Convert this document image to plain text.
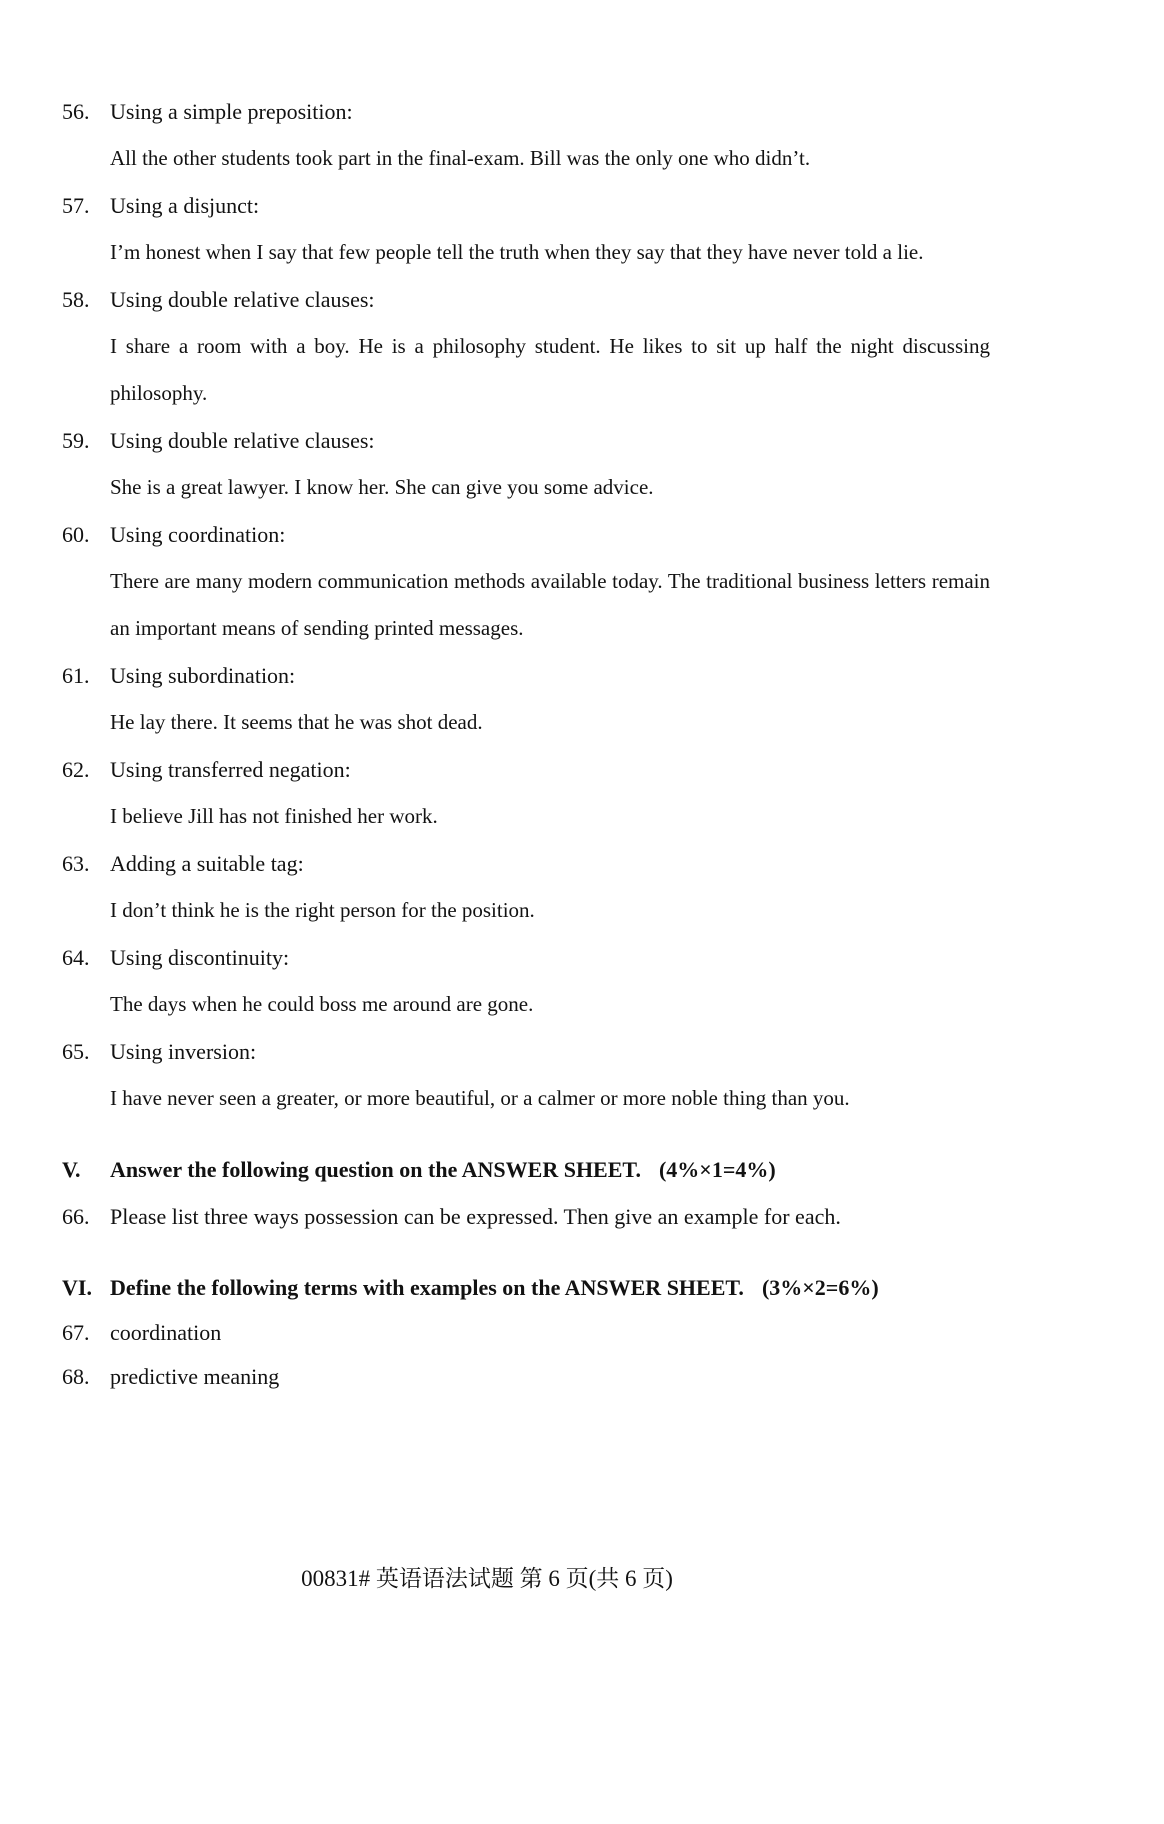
56. Using a simple preposition:

All the other students took part in the final-exam. Bill was the only one who didn’t.

57. Using a disjunct:

I’m honest when I say that few people tell the truth when they say that they have never told a lie.

58. Using double relative clauses:

I share a room with a boy. He is a philosophy student. He likes to sit up half the night discussing philosophy.

59. Using double relative clauses:

She is a great lawyer. I know her. She can give you some advice.

60. Using coordination:

There are many modern communication methods available today. The traditional business letters remain an important means of sending printed messages.

61. Using subordination:

He lay there. It seems that he was shot dead.

62. Using transferred negation:

I believe Jill has not finished her work.

63. Adding a suitable tag:

I don’t think he is the right person for the position.

64. Using discontinuity:

The days when he could boss me around are gone.

65. Using inversion:

I have never seen a greater, or more beautiful, or a calmer or more noble thing than you.

V.	Answer the following question on the ANSWER SHEET. (4%×1=4%)
66. Please list three ways possession can be expressed. Then give an example for each.
VI. Define the following terms with examples on the ANSWER SHEET. (3%×2=6%)
67. coordination
68. predictive meaning
00831# 英语语法试题 第 6 页(共 6 页)
